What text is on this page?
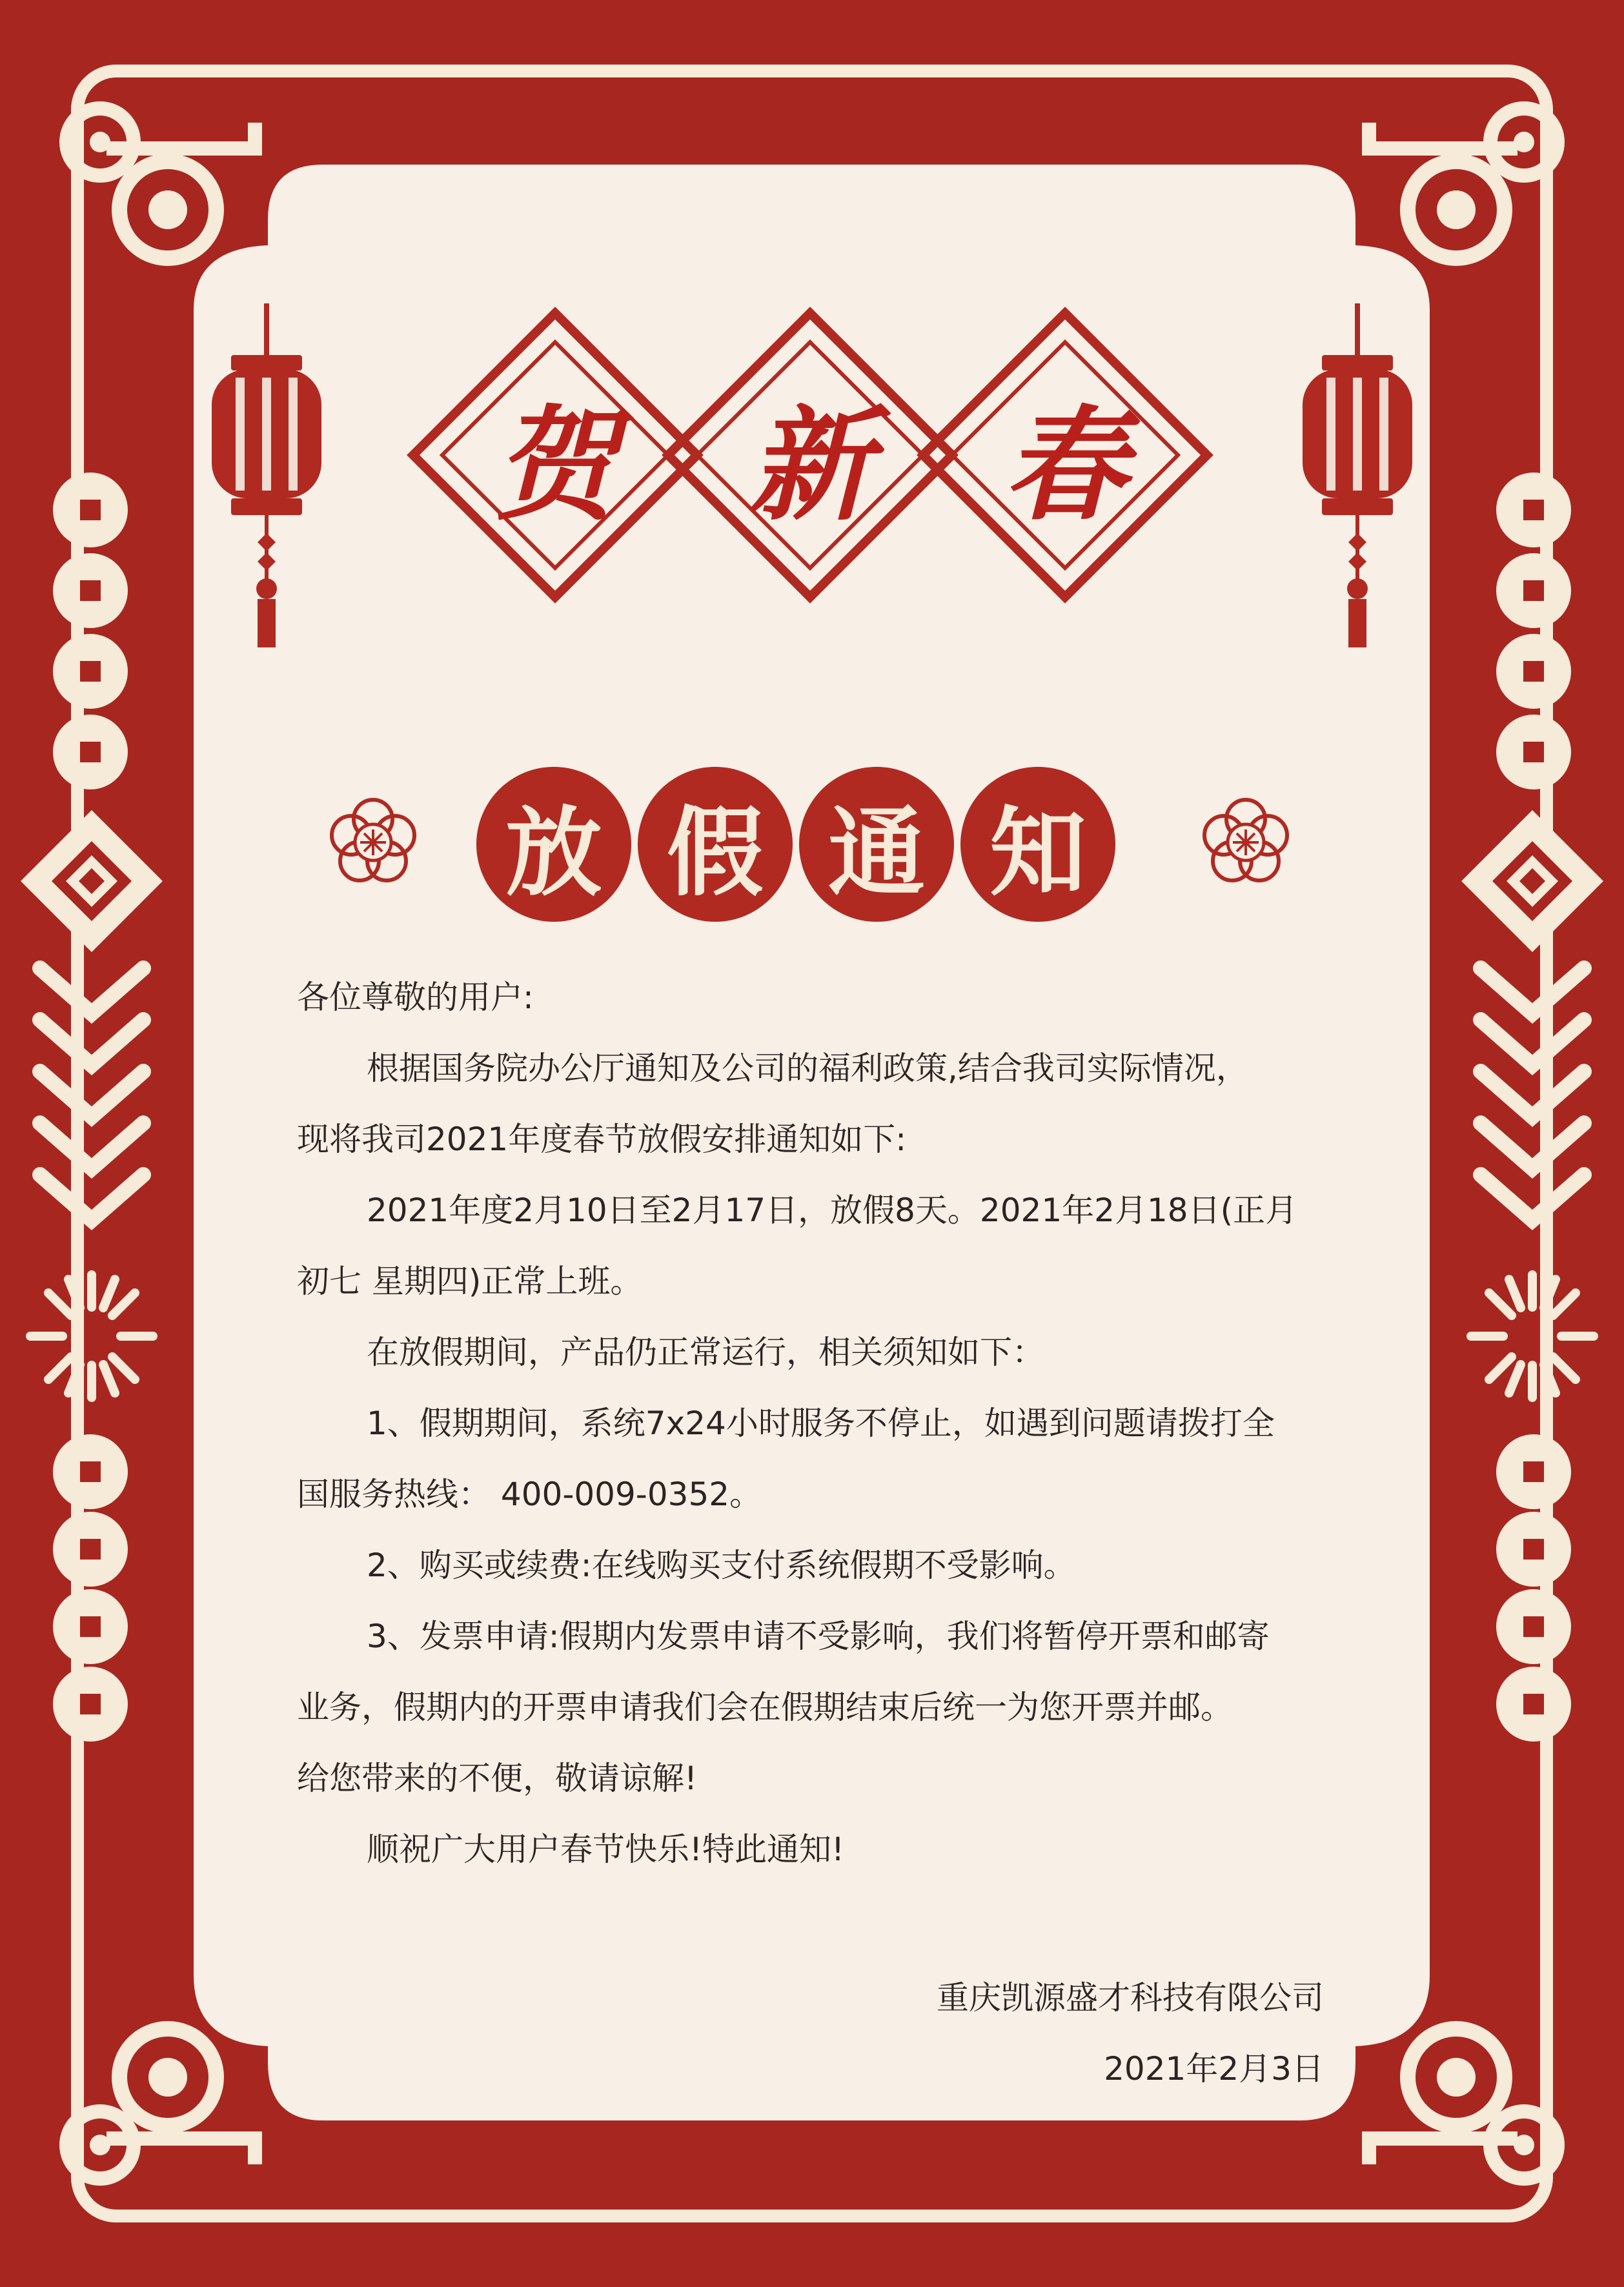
贺 新 春
放 假 通 知

各位尊敬的用户:

根据国务院办公厅通知及公司的福利政策,结合我司实际情况，

现将我司2021年度春节放假安排通知如下:

2021年度2月10日至2月17日，放假8天。2021年2月18日(正月

初七 星期四)正常上班。

在放假期间，产品仍正常运行，相关须知如下：

1、假期期间，系统7x24小时服务不停止，如遇到问题请拨打全

国服务热线： 400-009-0352。

2、购买或续费:在线购买支付系统假期不受影响。

3、发票申请:假期内发票申请不受影响，我们将暂停开票和邮寄

业务，假期内的开票申请我们会在假期结束后统一为您开票并邮。

给您带来的不便，敬请谅解!

顺祝广大用户春节快乐!特此通知!

重庆凯源盛才科技有限公司
2021年2月3日
